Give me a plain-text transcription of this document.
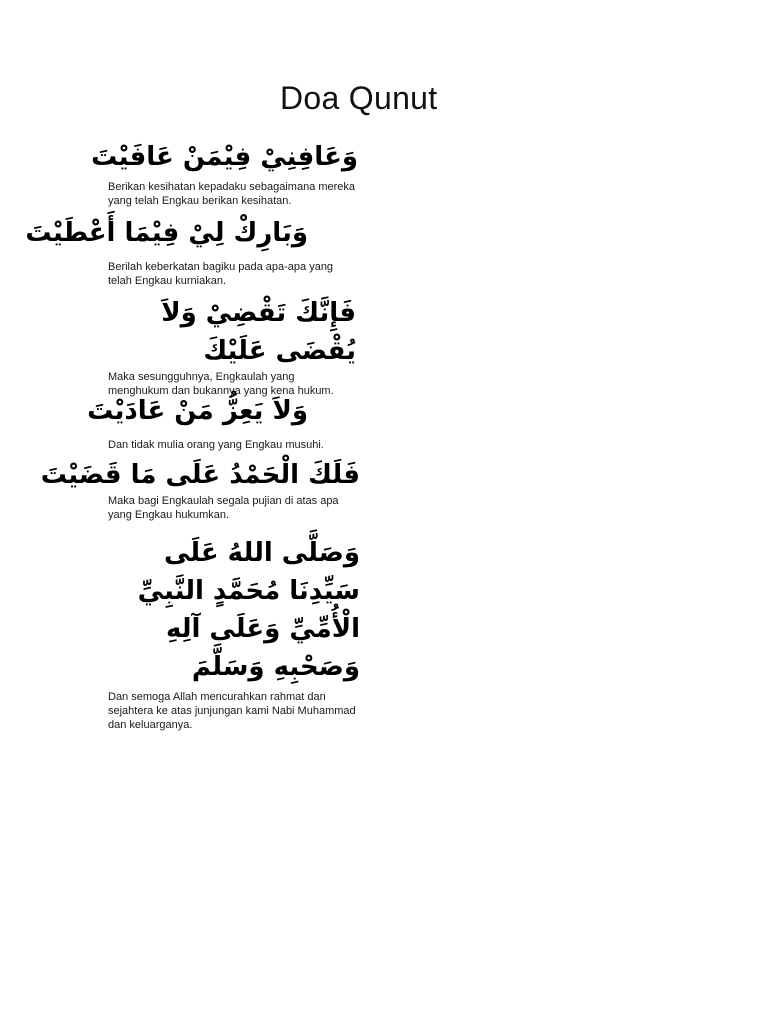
Doa Qunut
وَعَافِنِيْ فِيْمَنْ عَافَيْتَ
Berikan kesihatan kepadaku sebagaimana mereka
yang telah Engkau berikan kesihatan.
وَبَارِكْ لِيْ فِيْمَا أَعْطَيْتَ
Berilah keberkatan bagiku pada apa-apa yang
telah Engkau kurniakan.
فَإِنَّكَ تَقْضِيْ وَلاَ يُقْضَى عَلَيْكَ
Maka sesungguhnya, Engkaulah yang
menghukum dan bukannya yang kena hukum.
وَلاَ يَعِزُّ مَنْ عَادَيْتَ
Dan tidak mulia orang yang Engkau musuhi.
فَلَكَ الْحَمْدُ عَلَى مَا قَضَيْتَ
Maka bagi Engkaulah segala pujian di atas apa
yang Engkau hukumkan.
وَصَلَّى اللهُ عَلَى سَيِّدِنَا مُحَمَّدٍ النَّبِيِّ الْأُمِّيِّ وَعَلَى آلِهِ وَصَحْبِهِ وَسَلَّمَ
Dan semoga Allah mencurahkan rahmat dan
sejahtera ke atas junjungan kami Nabi Muhammad
dan keluarganya.
